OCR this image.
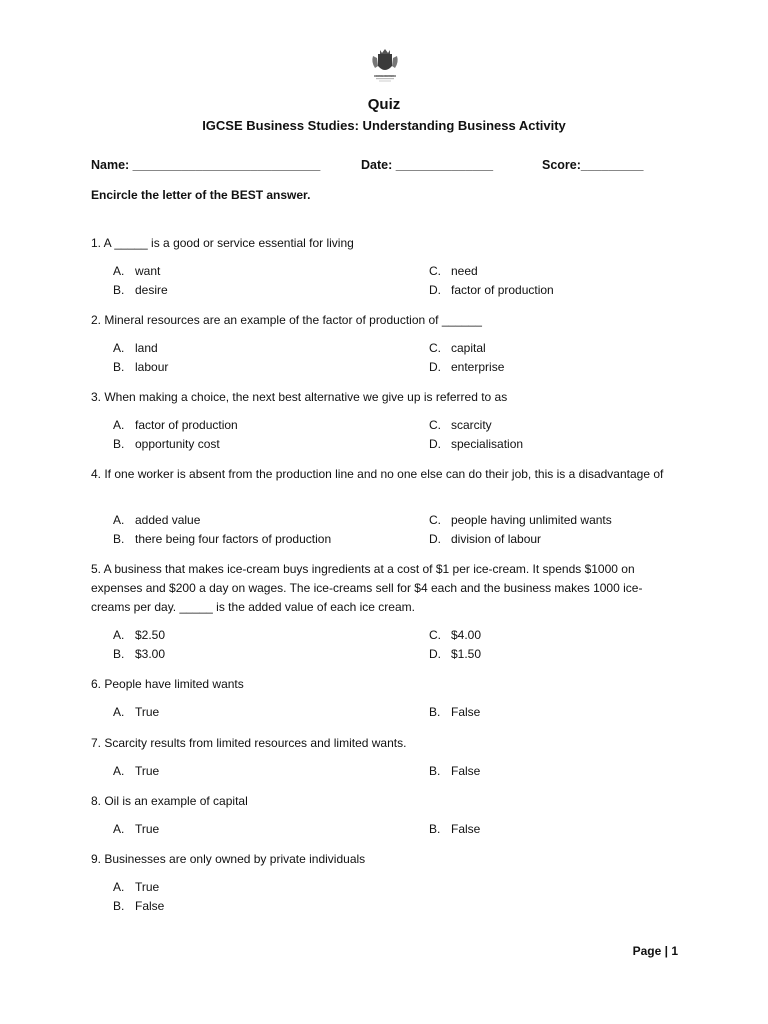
ROYAL BRITISH
Quiz
IGCSE Business Studies: Understanding Business Activity
Name: ___________________________	Date: ______________	Score:_________
Encircle the letter of the BEST answer.
1. A _____ is a good or service essential for living
A. want
B. desire
C. need
D. factor of production
2. Mineral resources are an example of the factor of production of ______
A. land
B. labour
C. capital
D. enterprise
3. When making a choice, the next best alternative we give up is referred to as
A. factor of production
B. opportunity cost
C. scarcity
D. specialisation
4. If one worker is absent from the production line and no one else can do their job, this is a disadvantage of
A. added value
B. there being four factors of production
C. people having unlimited wants
D. division of labour
5. A business that makes ice-cream buys ingredients at a cost of $1 per ice-cream. It spends $1000 on expenses and $200 a day on wages. The ice-creams sell for $4 each and the business makes 1000 ice-creams per day. _____ is the added value of each ice cream.
A. $2.50
B. $3.00
C. $4.00
D. $1.50
6. People have limited wants
A. True	B. False
7. Scarcity results from limited resources and limited wants.
A. True	B. False
8. Oil is an example of capital
A. True	B. False
9. Businesses are only owned by private individuals
A. True
B. False
Page | 1
